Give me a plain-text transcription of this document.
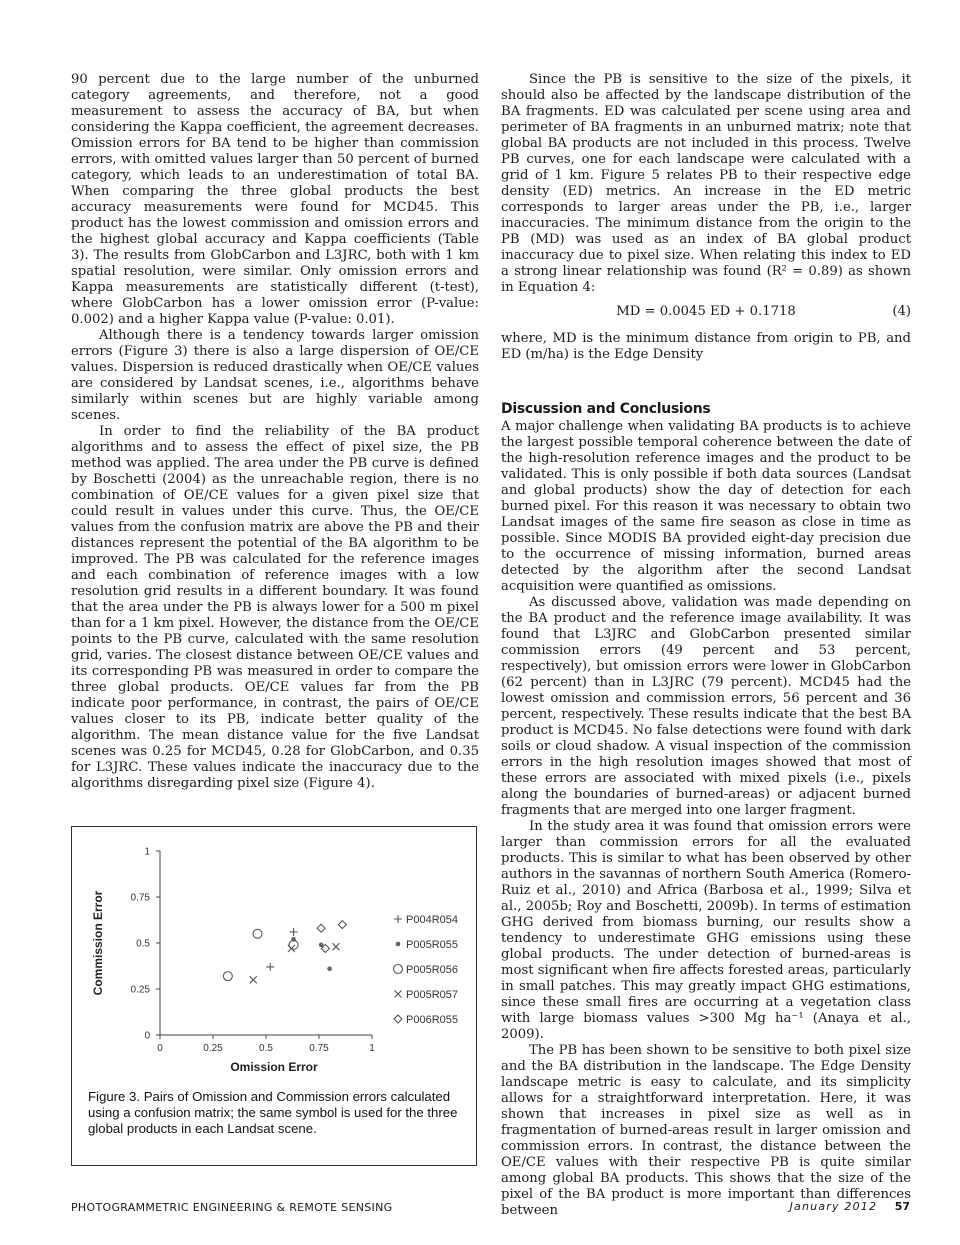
90 percent due to the large number of the unburned category agreements, and therefore, not a good measurement to assess the accuracy of BA, but when considering the Kappa coefficient, the agreement decreases. Omission errors for BA tend to be higher than commission errors, with omitted values larger than 50 percent of burned category, which leads to an underestimation of total BA. When comparing the three global products the best accuracy measurements were found for MCD45. This product has the lowest commission and omission errors and the highest global accuracy and Kappa coefficients (Table 3). The results from GlobCarbon and L3JRC, both with 1 km spatial resolution, were similar. Only omission errors and Kappa measurements are statistically different (t-test), where GlobCarbon has a lower omission error (P-value: 0.002) and a higher Kappa value (P-value: 0.01).

Although there is a tendency towards larger omission errors (Figure 3) there is also a large dispersion of OE/CE values. Dispersion is reduced drastically when OE/CE values are considered by Landsat scenes, i.e., algorithms behave similarly within scenes but are highly variable among scenes.

In order to find the reliability of the BA product algorithms and to assess the effect of pixel size, the PB method was applied. The area under the PB curve is defined by Boschetti (2004) as the unreachable region, there is no combination of OE/CE values for a given pixel size that could result in values under this curve. Thus, the OE/CE values from the confusion matrix are above the PB and their distances represent the potential of the BA algorithm to be improved. The PB was calculated for the reference images and each combination of reference images with a low resolution grid results in a different boundary. It was found that the area under the PB is always lower for a 500 m pixel than for a 1 km pixel. However, the distance from the OE/CE points to the PB curve, calculated with the same resolution grid, varies. The closest distance between OE/CE values and its corresponding PB was measured in order to compare the three global products. OE/CE values far from the PB indicate poor performance, in contrast, the pairs of OE/CE values closer to its PB, indicate better quality of the algorithm. The mean distance value for the five Landsat scenes was 0.25 for MCD45, 0.28 for GlobCarbon, and 0.35 for L3JRC. These values indicate the inaccuracy due to the algorithms disregarding pixel size (Figure 4).

Since the PB is sensitive to the size of the pixels, it should also be affected by the landscape distribution of the BA fragments. ED was calculated per scene using area and perimeter of BA fragments in an unburned matrix; note that global BA products are not included in this process. Twelve PB curves, one for each landscape were calculated with a grid of 1 km. Figure 5 relates PB to their respective edge density (ED) metrics. An increase in the ED metric corresponds to larger areas under the PB, i.e., larger inaccuracies. The minimum distance from the origin to the PB (MD) was used as an index of BA global product inaccuracy due to pixel size. When relating this index to ED a strong linear relationship was found (R² = 0.89) as shown in Equation 4:

MD = 0.0045 ED + 0.1718	(4)

where, MD is the minimum distance from origin to PB, and ED (m/ha) is the Edge Density

Discussion and Conclusions

A major challenge when validating BA products is to achieve the largest possible temporal coherence between the date of the high-resolution reference images and the product to be validated. This is only possible if both data sources (Landsat and global products) show the day of detection for each burned pixel. For this reason it was necessary to obtain two Landsat images of the same fire season as close in time as possible. Since MODIS BA provided eight-day precision due to the occurrence of missing information, burned areas detected by the algorithm after the second Landsat acquisition were quantified as omissions.

As discussed above, validation was made depending on the BA product and the reference image availability. It was found that L3JRC and GlobCarbon presented similar commission errors (49 percent and 53 percent, respectively), but omission errors were lower in GlobCarbon (62 percent) than in L3JRC (79 percent). MCD45 had the lowest omission and commission errors, 56 percent and 36 percent, respectively. These results indicate that the best BA product is MCD45. No false detections were found with dark soils or cloud shadow. A visual inspection of the commission errors in the high resolution images showed that most of these errors are associated with mixed pixels (i.e., pixels along the boundaries of burned-areas) or adjacent burned fragments that are merged into one larger fragment.

In the study area it was found that omission errors were larger than commission errors for all the evaluated products. This is similar to what has been observed by other authors in the savannas of northern South America (Romero-Ruiz et al., 2010) and Africa (Barbosa et al., 1999; Silva et al., 2005b; Roy and Boschetti, 2009b). In terms of estimation GHG derived from biomass burning, our results show a tendency to underestimate GHG emissions using these global products. The under detection of burned-areas is most significant when fire affects forested areas, particularly in small patches. This may greatly impact GHG estimations, since these small fires are occurring at a vegetation class with large biomass values >300 Mg ha⁻¹ (Anaya et al., 2009).

The PB has been shown to be sensitive to both pixel size and the BA distribution in the landscape. The Edge Density landscape metric is easy to calculate, and its simplicity allows for a straightforward interpretation. Here, it was shown that increases in pixel size as well as in fragmentation of burned-areas result in larger omission and commission errors. In contrast, the distance between the OE/CE values with their respective PB is quite similar among global BA products. This shows that the size of the pixel of the BA product is more important than differences between

0	0.25	0.5	0.75	1
0
0.25
0.5
0.75
1
Omission Error
Commission Error	P004R054
P005R055
P005R056
P005R057
P006R055
Figure 3. Pairs of Omission and Commission errors calculated using a confusion matrix; the same symbol is used for the three global products in each Landsat scene.
PHOTOGRAMMETRIC ENGINEERING & REMOTE SENSING	January 2012 57
